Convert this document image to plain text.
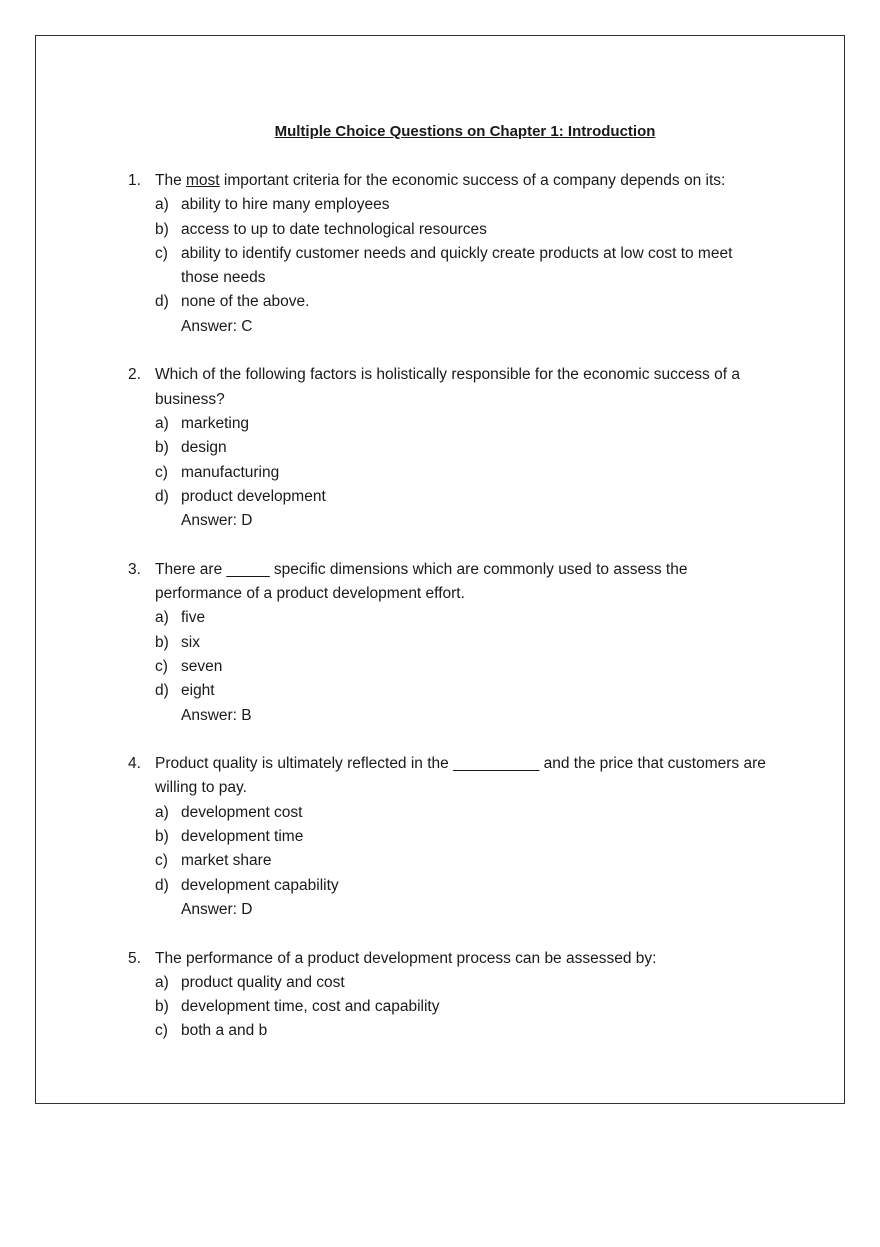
Multiple Choice Questions on Chapter 1: Introduction
1. The most important criteria for the economic success of a company depends on its:
a) ability to hire many employees
b) access to up to date technological resources
c) ability to identify customer needs and quickly create products at low cost to meet those needs
d) none of the above.
Answer: C
2. Which of the following factors is holistically responsible for the economic success of a business?
a) marketing
b) design
c) manufacturing
d) product development
Answer: D
3. There are _____ specific dimensions which are commonly used to assess the performance of a product development effort.
a) five
b) six
c) seven
d) eight
Answer: B
4. Product quality is ultimately reflected in the __________ and the price that customers are willing to pay.
a) development cost
b) development time
c) market share
d) development capability
Answer: D
5. The performance of a product development process can be assessed by:
a) product quality and cost
b) development time, cost and capability
c) both a and b
